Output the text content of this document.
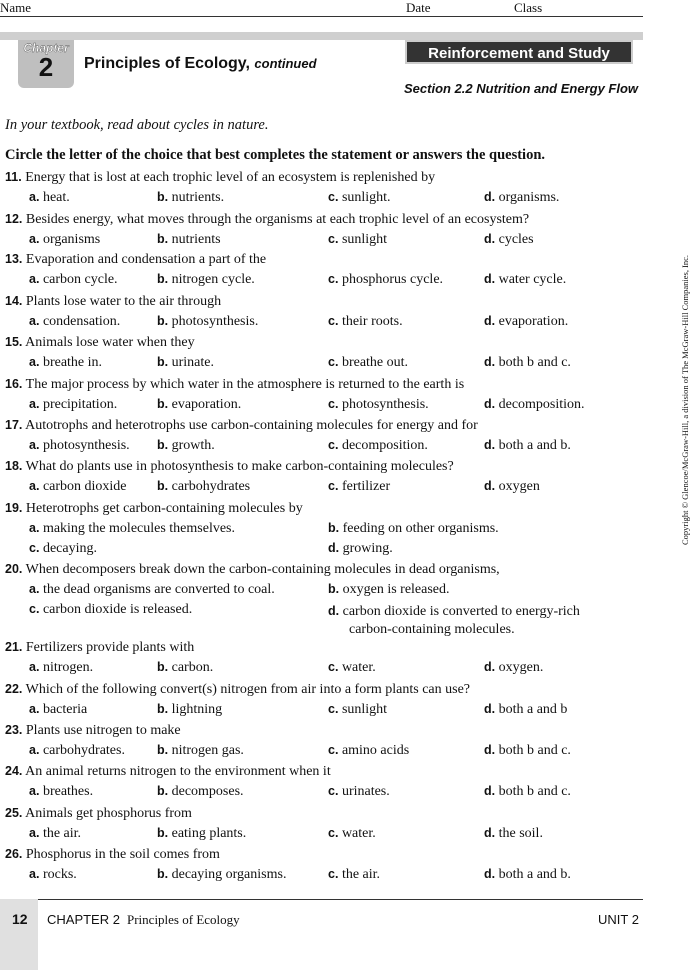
Name	Date	Class
Chapter
2	Principles of Ecology, continued
Reinforcement and Study Guide
Section 2.2 Nutrition and Energy Flow
In your textbook, read about cycles in nature.
Circle the letter of the choice that best completes the statement or answers the question.
11. Energy that is lost at each trophic level of an ecosystem is replenished by
a. heat.	b. nutrients.	c. sunlight.	d. organisms.
12. Besides energy, what moves through the organisms at each trophic level of an ecosystem?
a. organisms	b. nutrients	c. sunlight	d. cycles
13. Evaporation and condensation a part of the
a. carbon cycle.	b. nitrogen cycle.	c. phosphorus cycle.	d. water cycle.
14. Plants lose water to the air through
a. condensation.	b. photosynthesis.	c. their roots.	d. evaporation.
15. Animals lose water when they
a. breathe in.	b. urinate.	c. breathe out.	d. both b and c.
16. The major process by which water in the atmosphere is returned to the earth is
a. precipitation.	b. evaporation.	c. photosynthesis.	d. decomposition.
17. Autotrophs and heterotrophs use carbon-containing molecules for energy and for
a. photosynthesis. b. growth.	c. decomposition.	d. both a and b.
18. What do plants use in photosynthesis to make carbon-containing molecules?
a. carbon dioxide b. carbohydrates	c. fertilizer	d. oxygen
19. Heterotrophs get carbon-containing molecules by
a. making the molecules themselves.	b. feeding on other organisms.
c. decaying.	d. growing.
20. When decomposers break down the carbon-containing molecules in dead organisms,
a. the dead organisms are converted to coal.	b. oxygen is released.
c. carbon dioxide is released.	d. carbon dioxide is converted to energy-rich
carbon-containing molecules.
21. Fertilizers provide plants with
a. nitrogen.	b. carbon.	c. water.	d. oxygen.
22. Which of the following convert(s) nitrogen from air into a form plants can use?
a. bacteria	b. lightning	c. sunlight	d. both a and b
23. Plants use nitrogen to make
a. carbohydrates.	b. nitrogen gas.	c. amino acids	d. both b and c.
24. An animal returns nitrogen to the environment when it
a. breathes.	b. decomposes.	c. urinates.	d. both b and c.
25. Animals get phosphorus from
a. the air.	b. eating plants.	c. water.	d. the soil.
26. Phosphorus in the soil comes from
a. rocks.	b. decaying organisms.	c. the air.	d. both a and b.
Copyright © Glencoe/McGraw-Hill, a division of The McGraw-Hill Companies, Inc.
12 CHAPTER 2 Principles of Ecology	UNIT 2
